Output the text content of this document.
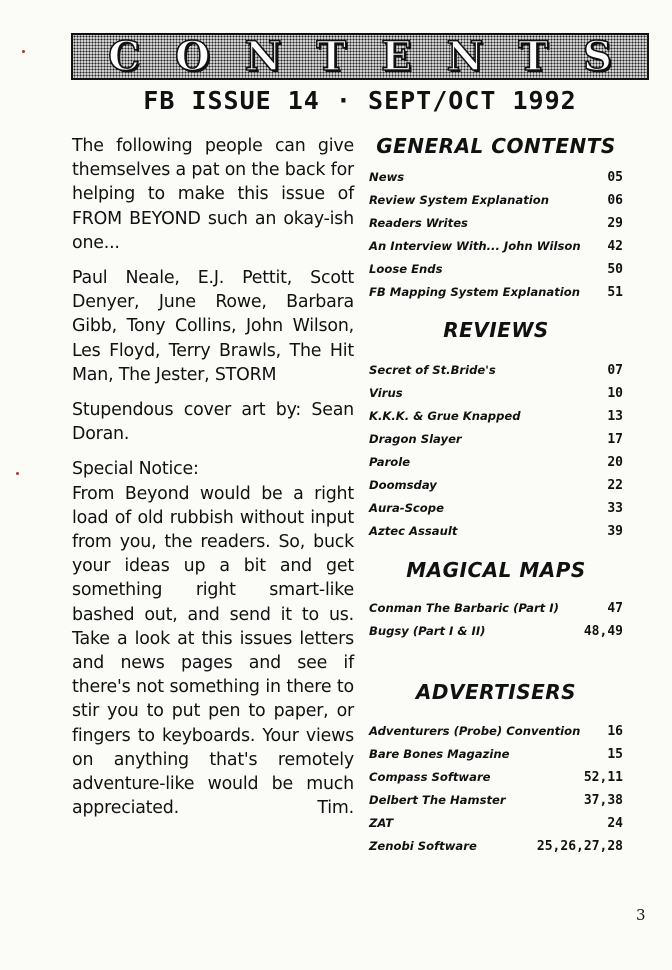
CONTENTS
FB ISSUE 14 · SEPT/OCT 1992

The following people can give themselves a pat on the back for helping to make this issue of FROM BEYOND such an okay-ish one...

Paul Neale, E.J. Pettit, Scott Denyer, June Rowe, Barbara Gibb, Tony Collins, John Wilson, Les Floyd, Terry Brawls, The Hit Man, The Jester, STORM

Stupendous cover art by: Sean Doran.

Special Notice:

From Beyond would be a right load of old rubbish without input from you, the readers. So, buck your ideas up a bit and get something right smart-like bashed out, and send it to us. Take a look at this issues letters and news pages and see if there's not something in there to stir you to put pen to paper, or fingers to keyboards. Your views on anything that's remotely adventure-like would be much appreciated.	Tim.

GENERAL CONTENTS
News	05
Review System Explanation	06
Readers Writes	29
An Interview With... John Wilson 42
Loose Ends	50
FB Mapping System Explanation 51
REVIEWS
Secret of St.Bride's	07
Virus	10
K.K.K. & Grue Knapped	13
Dragon Slayer	17
Parole	20
Doomsday	22
Aura-Scope	33
Aztec Assault	39
MAGICAL MAPS
Conman The Barbaric (Part I)	47
Bugsy (Part I & II)	48,49
ADVERTISERS
Adventurers (Probe) Convention 16
Bare Bones Magazine	15
Compass Software	52,11
Delbert The Hamster	37,38
ZAT	24
Zenobi Software	25,26,27,28
3
